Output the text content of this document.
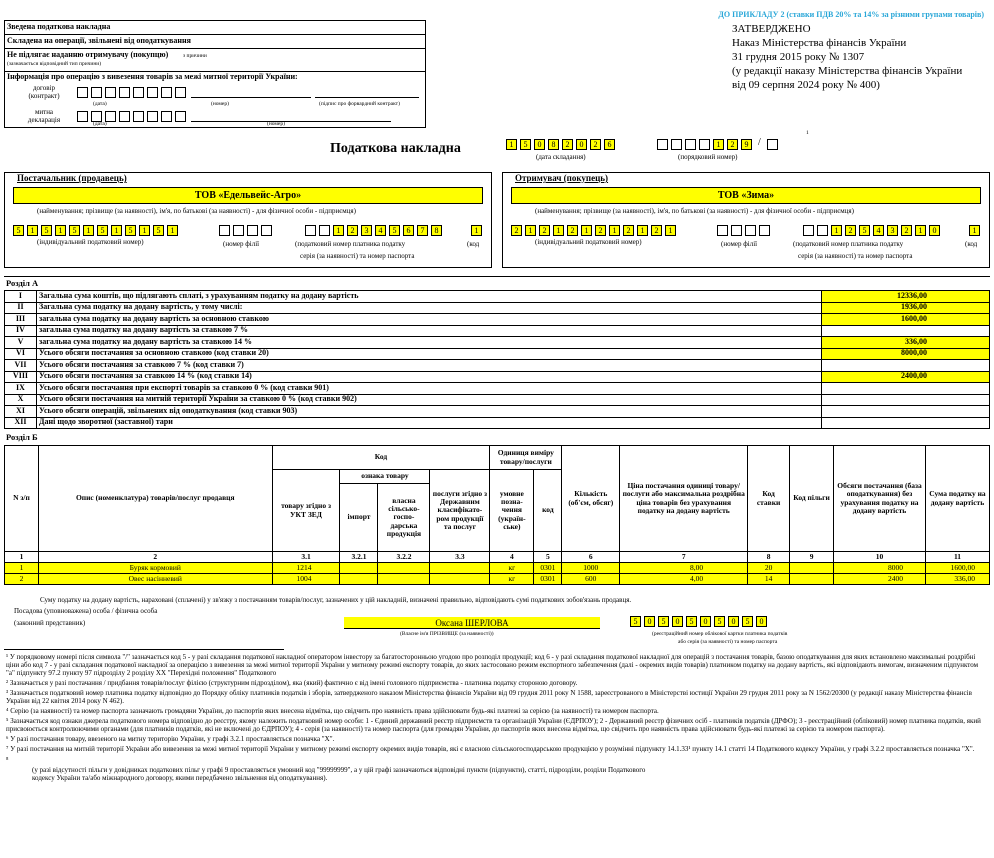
Зведена податкова накладна
Складена на операції, звільнені від оподаткування
Не підлягає наданню отримувачу (покупцю)	з причини
(зазначається відповідний тип причини)
Інформація про операцію з вивезення товарів за межі митної території України:
договір (контракт)
(дата)	(номер)	(підпис про форвардний контракт)
митна декларація
(дата)	(номер)
ДО ПРИКЛАДУ 2 (ставки ПДВ 20% та 14% за різними групами товарів)
ЗАТВЕРДЖЕНО
Наказ Міністерства фінансів України
31 грудня 2015 року № 1307
(у редакції наказу Міністерства фінансів України
від 09 серпня 2024 року № 400)
Податкова накладна	1	5	0	8	2	0	2	6
(дата складання)
1	2	9 /
1
(порядковий номер)
Постачальник (продавець)
ТОВ «Едельвейс-Агро»
(найменування; прізвище (за наявності), ім'я, по батькові (за наявності) - для фізичної особи - підприємця)
5	1	5	1	5	1	5	1	5	1	5	1
(індивідуальний податковий номер)	(номер філії
1	2	3	4	5	6	7	8
(податковий номер платника податку
серія (за наявності) та номер паспорта
1
(код
Отримувач (покупець)
ТОВ «Зима»
(найменування; прізвище (за наявності), ім'я, по батькові (за наявності) - для фізичної особи - підприємця)
2	1	2	1	2	1	2	1	2	1	2	1
(індивідуальний податковий номер)	(номер філії
1	2	5	4	3	2	1	0
(податковий номер платника податку
серія (за наявності) та номер паспорта
1
(код
Розділ А
I	Загальна сума коштів, що підлягають сплаті, з урахуванням податку на додану вартість	12336,00
II	Загальна сума податку на додану вартість, у тому числі:	1936,00
III	загальна сума податку на додану вартість за основною ставкою	1600,00
IV	загальна сума податку на додану вартість за ставкою 7 %	
V	загальна сума податку на додану вартість за ставкою 14 %	336,00
VI	Усього обсяги постачання за основною ставкою (код ставки 20)	8000,00
VII	Усього обсяги постачання за ставкою 7 % (код ставки 7)	
VIII	Усього обсяги постачання за ставкою 14 % (код ставки 14)	2400,00
IX	Усього обсяги постачання при експорті товарів за ставкою 0 % (код ставки 901)	
X	Усього обсяги постачання на митній території України за ставкою 0 % (код ставки 902)	
XI	Усього обсяги операцій, звільнених від оподаткування (код ставки 903)	
XII	Дані щодо зворотної (заставної) тари	
Розділ Б
N з/п	Опис (номенклатура) товарів/послуг продавця	Код				Одиниця виміру товару/послуги		Кількість (об'єм, обсяг)	Ціна постачання одиниці товару/послуги або максимальна роздрібна ціна товарів без урахування податку на додану вартість	Код ставки	Код пільги	Обсяги постачання (база оподаткування) без урахування податку на додану вартість	Сума податку на додану вартість
		товару згідно з УКТ ЗЕД	ознака товару		послуги згідно з Державним класифікато-ром продукції та послуг	умовне позна-чення (україн-ське)	код						
			імпорт	власна сільсько-госпо-дарська продукція									
1	2	3.1	3.2.1	3.2.2	3.3	4	5	6	7	8	9	10	11
1	Буряк кормовий	1214				кг	0301	1000	8,00	20		8000	1600,00
2	Овес насінневий	1004				кг	0301	600	4,00	14		2400	336,00
Суму податку на додану вартість, нараховані (сплачені) у зв'язку з постачанням товарів/послуг, зазначених у цій накладній, визначені правильно, відповідають сумі податкових зобов'язань продавця.
Посадова (уповноважена) особа / фізична особа
(законний представник)	Оксана ШЕРЛОВА
(Власне ім'я ПРІЗВИЩЕ (за наявності))
5	0	5	0	5	0	5	0	5	0
(реєстраційний номер облікової картки платника податків
або серія (за наявності) та номер паспорта
¹ У порядковому номері після символа "/" зазначається код 5 - у разі складання податкової накладної оператором інвестору за багатосторонньою угодою про розподіл продукції; код 6 - у разі складання податкової накладної для операцій з постачання товарів, базою оподаткування для яких встановлено максимальні роздрібні ціни або код 7 - у разі складання податкової накладної за операцією з вивезення за межі митної території України у митному режимі експорту товарів, до яких застосовано режим експортного забезпечення (далі - окремих видів товарів) платником податку на додану вартість, які відповідають вимогам, визначеним підпунктом "а" підпункту 97.2 пункту 97 підрозділу 2 розділу XX "Перехідні положення" Податкового
² Зазначається у разі постачання / придбання товарів/послуг філією (структурним підрозділом), яка (який) фактично є від імені головного підприємства - платника податку стороною договору.
³ Зазначається податковий номер платника податку відповідно до Порядку обліку платників податків і зборів, затвердженого наказом Міністерства фінансів України від 09 грудня 2011 року N 1588, зареєстрованого в Міністерстві юстиції України 29 грудня 2011 року за N 1562/20300 (у редакції наказу Міністерства фінансів України від 22 квітня 2014 року N 462).
⁴ Серію (за наявності) та номер паспорта зазначають громадяни України, до паспортів яких внесена відмітка, що свідчить про наявність права здійснювати будь-які платежі за серією (за наявності) та номером паспорта.
⁵ Зазначається код ознаки джерела податкового номера відповідно до реєстру, якому належить податковий номер особи: 1 - Єдиний державний реєстр підприємств та організацій України (ЄДРПОУ); 2 - Державний реєстр фізичних осіб - платників податків (ДРФО); 3 - реєстраційний (обліковий) номер платника податків, який присвоюється контролюючими органами (для платників податків, які не включені до ЄДРПОУ); 4 - серія (за наявності) та номер паспорта (для громадян України, до паспортів яких внесена відмітка, що свідчить про наявність права здійснювати будь-які платежі за серією та номером паспорта).
⁶ У разі постачання товару, ввезеного на митну територію України, у графі 3.2.1 проставляється позначка "Х".
⁷ У разі постачання на митній території України або вивезення за межі митної території України у митному режимі експорту окремих видів товарів, які є власною сільськогосподарською продукцією у розумінні підпункту 14.1.33¹ пункту 14.1 статті 14 Податкового кодексу України, у графі 3.2.2 проставляється позначка "Х".
⁸
(у разі відсутності пільги у довідниках податкових пільг у графі 9 проставляється умовний код "99999999", а у цій графі зазначаються відповідні пункти (підпункти), статті, підрозділи, розділи Податкового кодексу України та/або міжнародного договору, якими передбачено звільнення від оподаткування).
